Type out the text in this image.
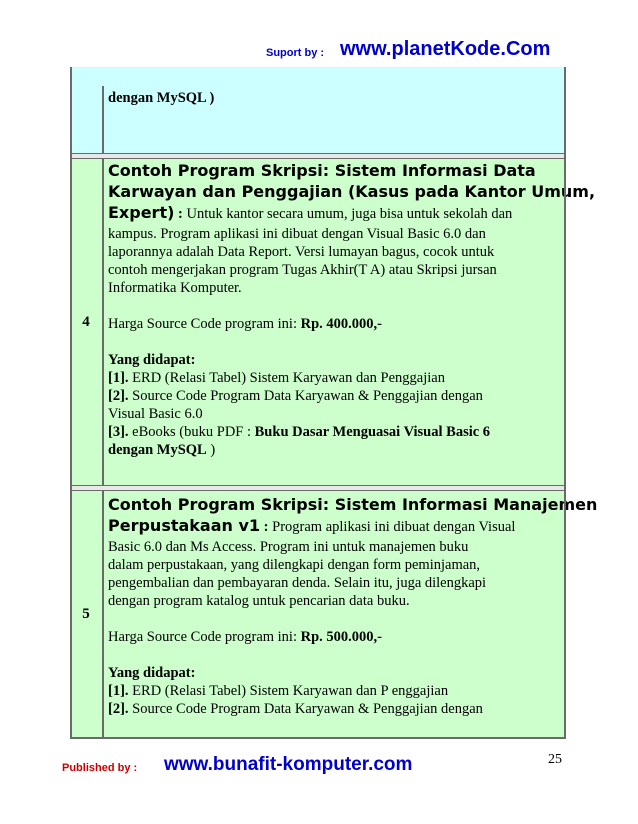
Suport by : www.planetKode.Com
dengan MySQL )
4
Contoh Program Skripsi: Sistem Informasi Data
Karwayan dan Penggajian (Kasus pada Kantor Umum,
Expert) : Untuk kantor secara umum, juga bisa untuk sekolah dan
kampus. Program aplikasi ini dibuat dengan Visual Basic 6.0 dan
laporannya adalah Data Report. Versi lumayan bagus, cocok untuk
contoh mengerjakan program Tugas Akhir(T A) atau Skripsi jursan
Informatika Komputer.
Harga Source Code program ini: Rp. 400.000,-
Yang didapat:
[1]. ERD (Relasi Tabel) Sistem Karyawan dan Penggajian
[2]. Source Code Program Data Karyawan & Penggajian dengan
Visual Basic 6.0
[3]. eBooks (buku PDF : Buku Dasar Menguasai Visual Basic 6
dengan MySQL )
5
Contoh Program Skripsi: Sistem Informasi Manajemen
Perpustakaan v1 : Program aplikasi ini dibuat dengan Visual
Basic 6.0 dan Ms Access. Program ini untuk manajemen buku
dalam perpustakaan, yang dilengkapi dengan form peminjaman,
pengembalian dan pembayaran denda. Selain itu, juga dilengkapi
dengan program katalog untuk pencarian data buku.
Harga Source Code program ini: Rp. 500.000,-
Yang didapat:
[1]. ERD (Relasi Tabel) Sistem Karyawan dan P enggajian
[2]. Source Code Program Data Karyawan & Penggajian dengan
Published by : www.bunafit-komputer.com	25
